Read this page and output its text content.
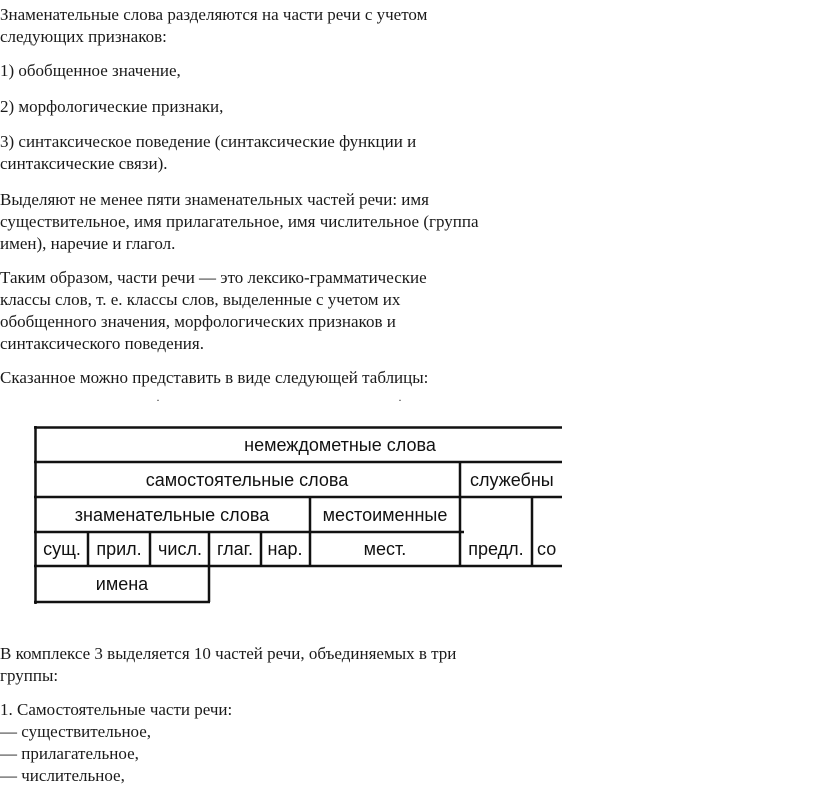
Знаменательные слова разделяются на части речи с учетом

следующих признаков:

1) обобщенное значение,

2) морфологические признаки,

3) синтаксическое поведение (синтаксические функции и

синтаксические связи).

Выделяют не менее пяти знаменательных частей речи: имя

существительное, имя прилагательное, имя числительное (группа

имен), наречие и глагол.

Таким образом, части речи — это лексико-грамматические

классы слов, т. е. классы слов, выделенные с учетом их

обобщенного значения, морфологических признаков и

синтаксического поведения.

Сказанное можно представить в виде следующей таблицы:

·	·
немеждометные слова
самостоятельные слова	служебны
знаменательные слова	местоименные
сущ. прил. числ. глаг. нар.	мест.	предл. со
имена

В комплексе 3 выделяется 10 частей речи, объединяемых в три

группы:

1. Самостоятельные части речи:

— существительное,

— прилагательное,

— числительное,
